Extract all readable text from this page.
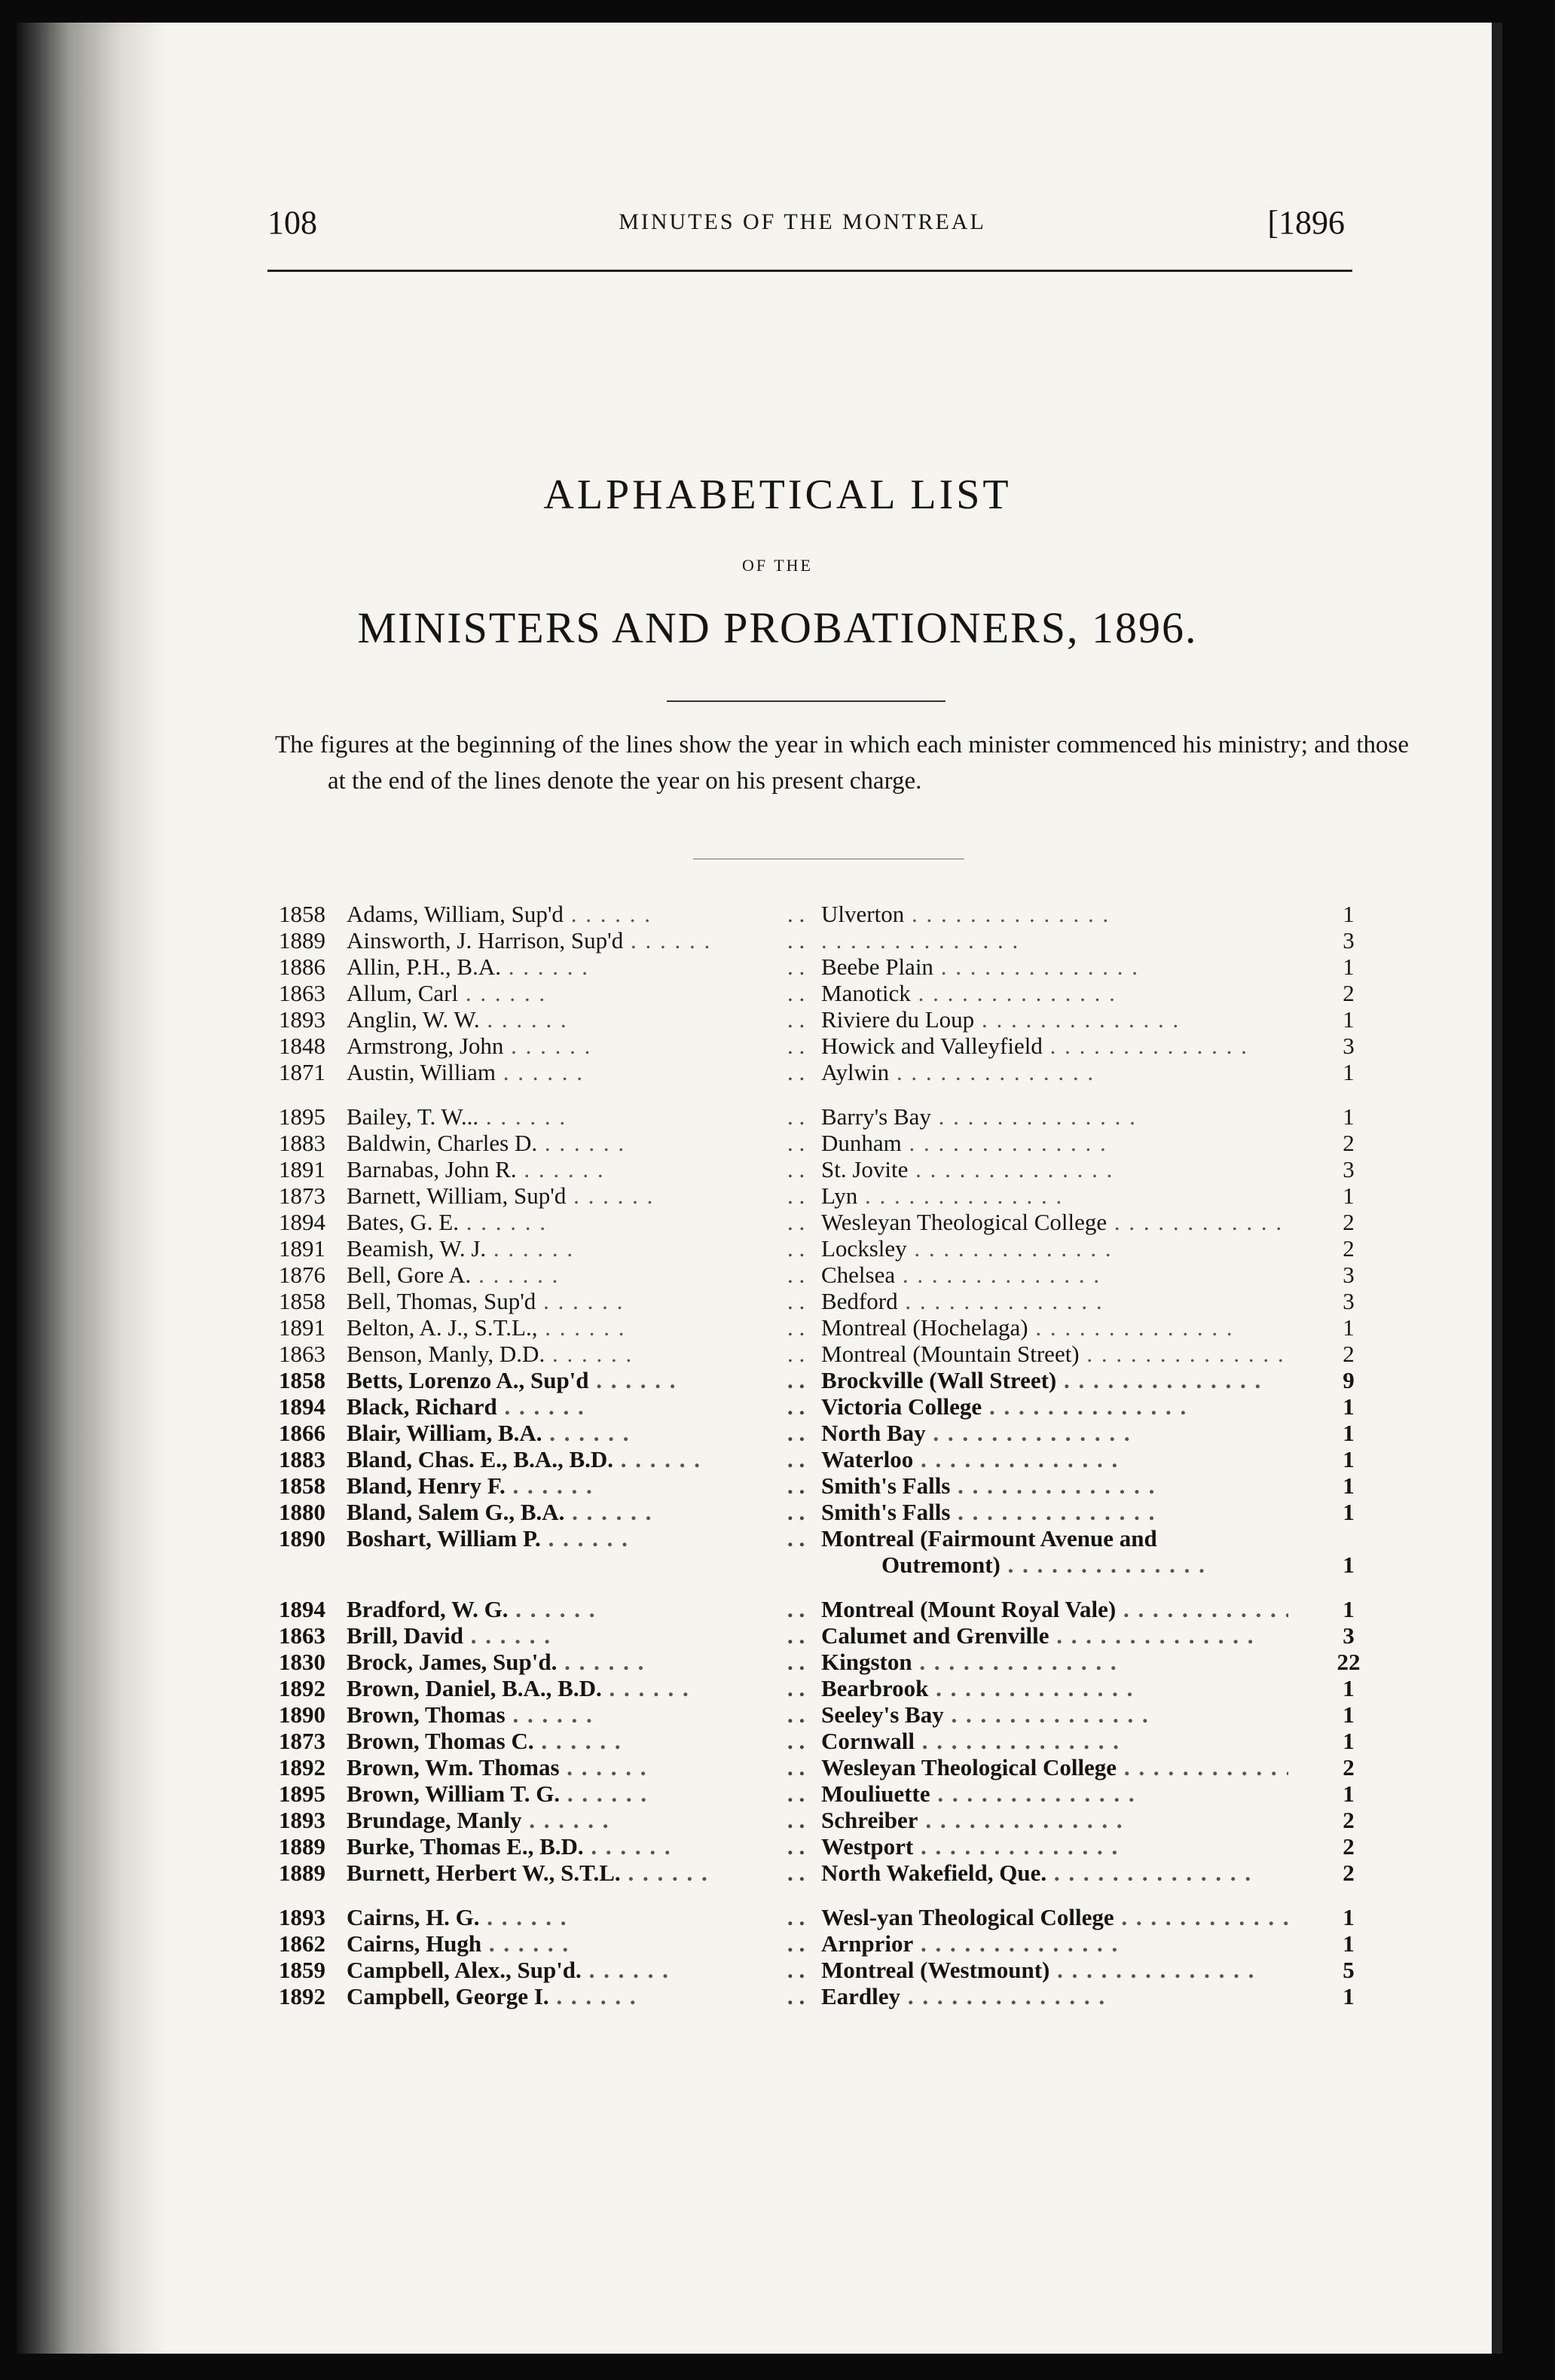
108	MINUTES OF THE MONTREAL	[1896
ALPHABETICAL LIST
OF THE
MINISTERS AND PROBATIONERS, 1896.
The figures at the beginning of the lines show the year in which each minister commenced his ministry; and those at the end of the lines denote the year on his present charge.
1858 Adams, William, Sup'd . .	. . Ulverton . .	1
1889 Ainsworth, J. Harrison, Sup'd . .	. . . .	3
1886 Allin, P.H., B.A. . .	. . Beebe Plain . .	1
1863 Allum, Carl . .	. . Manotick . .	2
1893 Anglin, W. W. . .	. . Riviere du Loup . .	1
1848 Armstrong, John . .	. . Howick and Valleyfield . .	3
1871 Austin, William . .	. . Aylwin . .	1
1895 Bailey, T. W... . .	. . Barry's Bay . .	1
1883 Baldwin, Charles D. . .	. . Dunham . .	2
1891 Barnabas, John R. . .	. . St. Jovite . .	3
1873 Barnett, William, Sup'd . .	. . Lyn . .	1
1894 Bates, G. E. . .	. . Wesleyan Theological College . .	2
1891 Beamish, W. J. . .	. . Locksley . .	2
1876 Bell, Gore A. . .	. . Chelsea . .	3
1858 Bell, Thomas, Sup'd . .	. . Bedford . .	3
1891 Belton, A. J., S.T.L., . .	. . Montreal (Hochelaga) . .	1
1863 Benson, Manly, D.D. . .	. . Montreal (Mountain Street) . .	2
1858 Betts, Lorenzo A., Sup'd . .	. . Brockville (Wall Street) . .	9
1894 Black, Richard . .	. . Victoria College . .	1
1866 Blair, William, B.A. . .	. . North Bay . .	1
1883 Bland, Chas. E., B.A., B.D. . .	. . Waterloo . .	1
1858 Bland, Henry F. . .	. . Smith's Falls . .	1
1880 Bland, Salem G., B.A. . .	. . Smith's Falls . .	1
1890 Boshart, William P. . .	. . Montreal (Fairmount Avenue and
Outremont) . .	1
1894 Bradford, W. G. . .	. . Montreal (Mount Royal Vale) . .	1
1863 Brill, David . .	. . Calumet and Grenville . .	3
1830 Brock, James, Sup'd. . .	. . Kingston . .	22
1892 Brown, Daniel, B.A., B.D. . .	. . Bearbrook . .	1
1890 Brown, Thomas . .	. . Seeley's Bay . .	1
1873 Brown, Thomas C. . .	. . Cornwall . .	1
1892 Brown, Wm. Thomas . .	. . Wesleyan Theological College . .	2
1895 Brown, William T. G. . .	. . Mouliuette . .	1
1893 Brundage, Manly . .	. . Schreiber . .	2
1889 Burke, Thomas E., B.D. . .	. . Westport . .	2
1889 Burnett, Herbert W., S.T.L. . .	. . North Wakefield, Que. . .	2
1893 Cairns, H. G. . .	. . Wesl-yan Theological College . .	1
1862 Cairns, Hugh . .	. . Arnprior . .	1
1859 Campbell, Alex., Sup'd. . .	. . Montreal (Westmount) . .	5
1892 Campbell, George I. . .	. . Eardley . .	1
